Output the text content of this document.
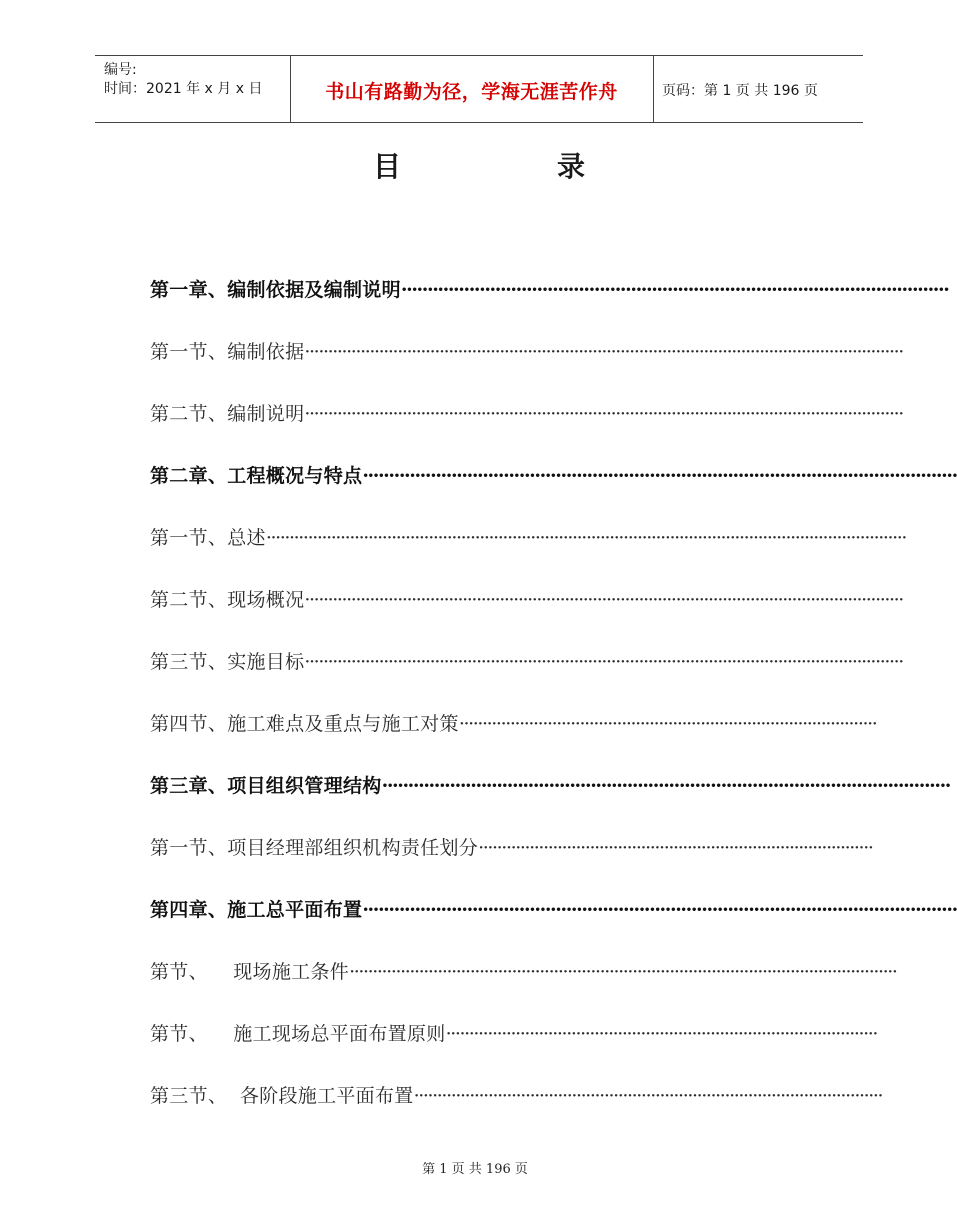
编号:
时间：2021 年 x 月 x 日	书山有路勤为径，学海无涯苦作舟	页码：第 1 页 共 196 页
目	录
第一章、编制依据及编制说明·········································································································
第一节、编制依据·································································································································
第二节、编制说明·································································································································
第二章、工程概况与特点··················································································································
第一节、总述··········································································································································
第二节、现场概况·································································································································
第三节、实施目标·································································································································
第四节、施工难点及重点与施工对策··························································································
第三章、项目组织管理结构·············································································································
第一节、项目经理部组织机构责任划分·····················································································
第四章、施工总平面布置··················································································································
第节、    现场施工条件······················································································································
第节、    施工现场总平面布置原则·····························································································
第三节、  各阶段施工平面布置·····································································································
第 1 页 共 196 页
